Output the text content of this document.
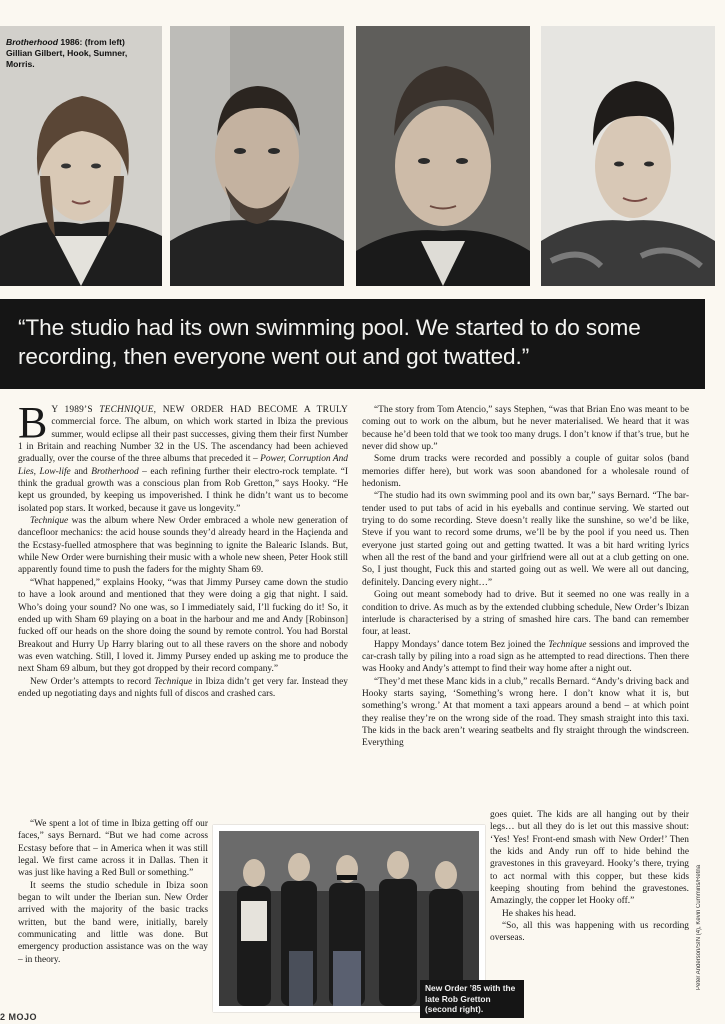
Brotherhood 1986: (from left) Gillian Gilbert, Hook, Sumner, Morris.
“The studio had its own swimming pool. We started to do some recording, then everyone went out and got twatted.”

B Y 1989’S TECHNIQUE, NEW ORDER HAD BECOME A TRULY commercial force. The album, on which work started in Ibiza the previous summer, would eclipse all their past successes, giving them their first Number 1 in Britain and reaching Number 32 in the US. The ascendancy had been achieved gradually, over the course of the three albums that preceded it – Power, Corruption And Lies, Low-life and Brotherhood – each refining further their electro-rock template. “I think the gradual growth was a conscious plan from Rob Gretton,” says Hooky. “He kept us grounded, by keeping us impoverished. I think he didn’t want us to become isolated pop stars. It worked, because it gave us longevity.”

Technique was the album where New Order embraced a whole new generation of dancefloor mechanics: the acid house sounds they’d already heard in the Haçienda and the Ecstasy-fuelled atmosphere that was beginning to ignite the Balearic Islands. But, while New Order were burnishing their music with a whole new sheen, Peter Hook still apparently found time to push the faders for the mighty Sham 69.

“What happened,” explains Hooky, “was that Jimmy Pursey came down the studio to have a look around and mentioned that they were doing a gig that night. I said. Who’s doing your sound? No one was, so I immediately said, I’ll fucking do it! So, it ended up with Sham 69 playing on a boat in the harbour and me and Andy [Robinson] fucked off our heads on the shore doing the sound by remote control. You had Borstal Breakout and Hurry Up Harry blaring out to all these ravers on the shore and nobody was even watching. Still, I loved it. Jimmy Pursey ended up asking me to produce the next Sham 69 album, but they got dropped by their record company.”

New Order’s attempts to record Technique in Ibiza didn’t get very far. Instead they ended up negotiating days and nights full of discos and crashed cars.

“We spent a lot of time in Ibiza getting off our faces,” says Bernard. “But we had come across Ecstasy before that – in America when it was still legal. We first came across it in Dallas. Then it was just like having a Red Bull or something.”

It seems the studio schedule in Ibiza soon began to wilt under the Iberian sun. New Order arrived with the majority of the basic tracks written, but the band were, initially, barely communicating and little was done. But emergency production assistance was on the way – in theory.

“The story from Tom Atencio,” says Stephen, “was that Brian Eno was meant to be coming out to work on the album, but he never materialised. We heard that it was because he’d been told that we took too many drugs. I don’t know if that’s true, but he never did show up.”

Some drum tracks were recorded and possibly a couple of guitar solos (band memories differ here), but work was soon abandoned for a wholesale round of hedonism.

“The studio had its own swimming pool and its own bar,” says Bernard. “The bar-tender used to put tabs of acid in his eyeballs and continue serving. We started out trying to do some recording. Steve doesn’t really like the sunshine, so we’d be like, Steve if you want to record some drums, we’ll be by the pool if you need us. Then everyone just started going out and getting twatted. It was a bit hard writing lyrics when all the rest of the band and your girlfriend were all out at a club getting on one. So, I just thought, Fuck this and started going out as well. We were all out dancing, definitely. Dancing every night…”

Going out meant somebody had to drive. But it seemed no one was really in a condition to drive. As much as by the extended clubbing schedule, New Order’s Ibizan interlude is characterised by a string of smashed hire cars. The band can remember four, at least.

Happy Mondays’ dance totem Bez joined the Technique sessions and improved the car-crash tally by piling into a road sign as he attempted to read directions. Then there was Hooky and Andy’s attempt to find their way home after a night out.

“They’d met these Manc kids in a club,” recalls Bernard. “Andy’s driving back and Hooky starts saying, ‘Something’s wrong here. I don’t know what it is, but something’s wrong.’ At that moment a taxi appears around a bend – at which point they realise they’re on the wrong side of the road. They smash straight into this taxi. The kids in the back aren’t wearing seatbelts and fly straight through the windscreen. Everything

goes quiet. The kids are all hanging out by their legs… but all they do is let out this massive shout: ‘Yes! Yes! Front-end smash with New Order!’ Then the kids and Andy run off to hide behind the gravestones in this graveyard. Hooky’s there, trying to act normal with this copper, but these kids keeping shouting from behind the gravestones. Amazingly, the copper let Hooky off.”

He shakes his head.

“So, all this was happening with us recording overseas.

New Order ’85 with the late Rob Gretton (second right).
Peter Anderson/SIN (4), Kevin Cummins/Retna
2 MOJO
